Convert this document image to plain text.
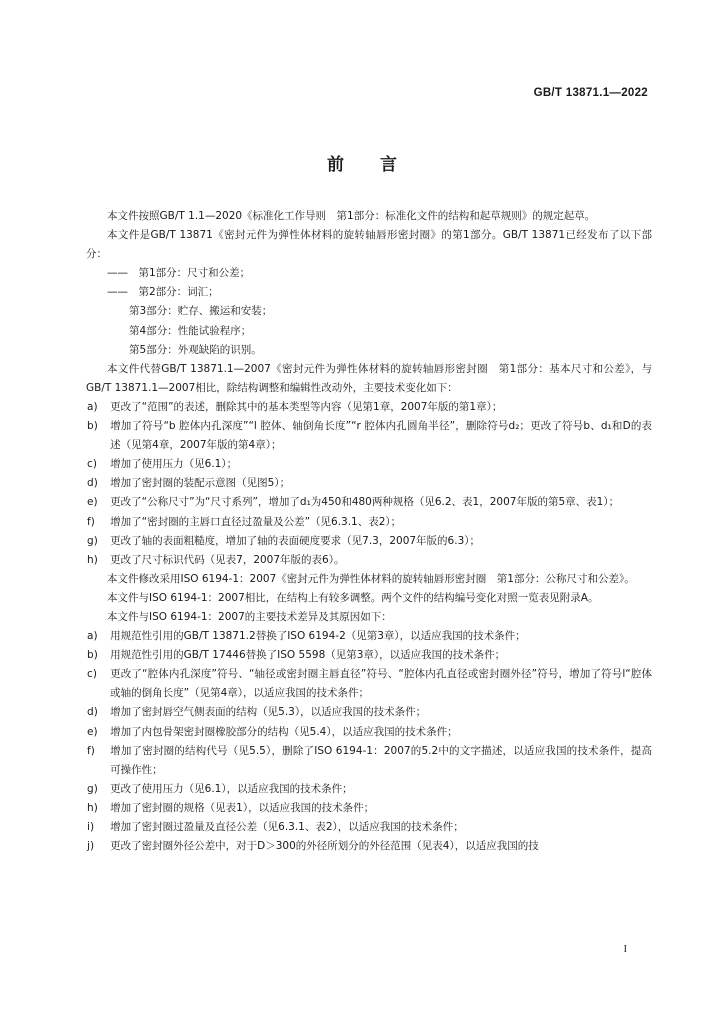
GB/T 13871.1—2022
前言

本文件按照GB/T 1.1—2020《标准化工作导则　第1部分：标准化文件的结构和起草规则》的规定起草。

本文件是GB/T 13871《密封元件为弹性体材料的旋转轴唇形密封圈》的第1部分。GB/T 13871已经发布了以下部分：

—— 第1部分：尺寸和公差；

—— 第2部分：词汇；

第3部分：贮存、搬运和安装；

第4部分：性能试验程序；

第5部分：外观缺陷的识别。

本文件代替GB/T 13871.1—2007《密封元件为弹性体材料的旋转轴唇形密封圈　第1部分：基本尺寸和公差》，与GB/T 13871.1—2007相比，除结构调整和编辑性改动外，主要技术变化如下：

a)	更改了“范围”的表述，删除其中的基本类型等内容（见第1章，2007年版的第1章）；
b)	增加了符号“b 腔体内孔深度”“l 腔体、轴倒角长度”“r 腔体内孔圆角半径”，删除符号d₂；更改了符号b、d₁和D的表述（见第4章，2007年版的第4章）；
c)	增加了使用压力（见6.1）；
d)	增加了密封圈的装配示意图（见图5）；
e)	更改了“公称尺寸”为“尺寸系列”，增加了d₁为450和480两种规格（见6.2、表1，2007年版的第5章、表1）；
f)	增加了“密封圈的主唇口直径过盈量及公差”（见6.3.1、表2）；
g)	更改了轴的表面粗糙度，增加了轴的表面硬度要求（见7.3，2007年版的6.3）；
h)	更改了尺寸标识代码（见表7，2007年版的表6）。

本文件修改采用ISO 6194-1：2007《密封元件为弹性体材料的旋转轴唇形密封圈　第1部分：公称尺寸和公差》。

本文件与ISO 6194-1：2007相比，在结构上有较多调整。两个文件的结构编号变化对照一览表见附录A。

本文件与ISO 6194-1：2007的主要技术差异及其原因如下：

a)	用规范性引用的GB/T 13871.2替换了ISO 6194-2（见第3章），以适应我国的技术条件；
b)	用规范性引用的GB/T 17446替换了ISO 5598（见第3章），以适应我国的技术条件；
c)	更改了“腔体内孔深度”符号、“轴径或密封圈主唇直径”符号、“腔体内孔直径或密封圈外径”符号，增加了符号l“腔体或轴的倒角长度”（见第4章），以适应我国的技术条件；
d)	增加了密封唇空气侧表面的结构（见5.3），以适应我国的技术条件；
e)	增加了内包骨架密封圈橡胶部分的结构（见5.4），以适应我国的技术条件；
f)	增加了密封圈的结构代号（见5.5），删除了ISO 6194-1：2007的5.2中的文字描述，以适应我国的技术条件，提高可操作性；
g)	更改了使用压力（见6.1），以适应我国的技术条件；
h)	增加了密封圈的规格（见表1），以适应我国的技术条件；
i)	增加了密封圈过盈量及直径公差（见6.3.1、表2），以适应我国的技术条件；
j)	更改了密封圈外径公差中，对于D＞300的外径所划分的外径范围（见表4），以适应我国的技
I
